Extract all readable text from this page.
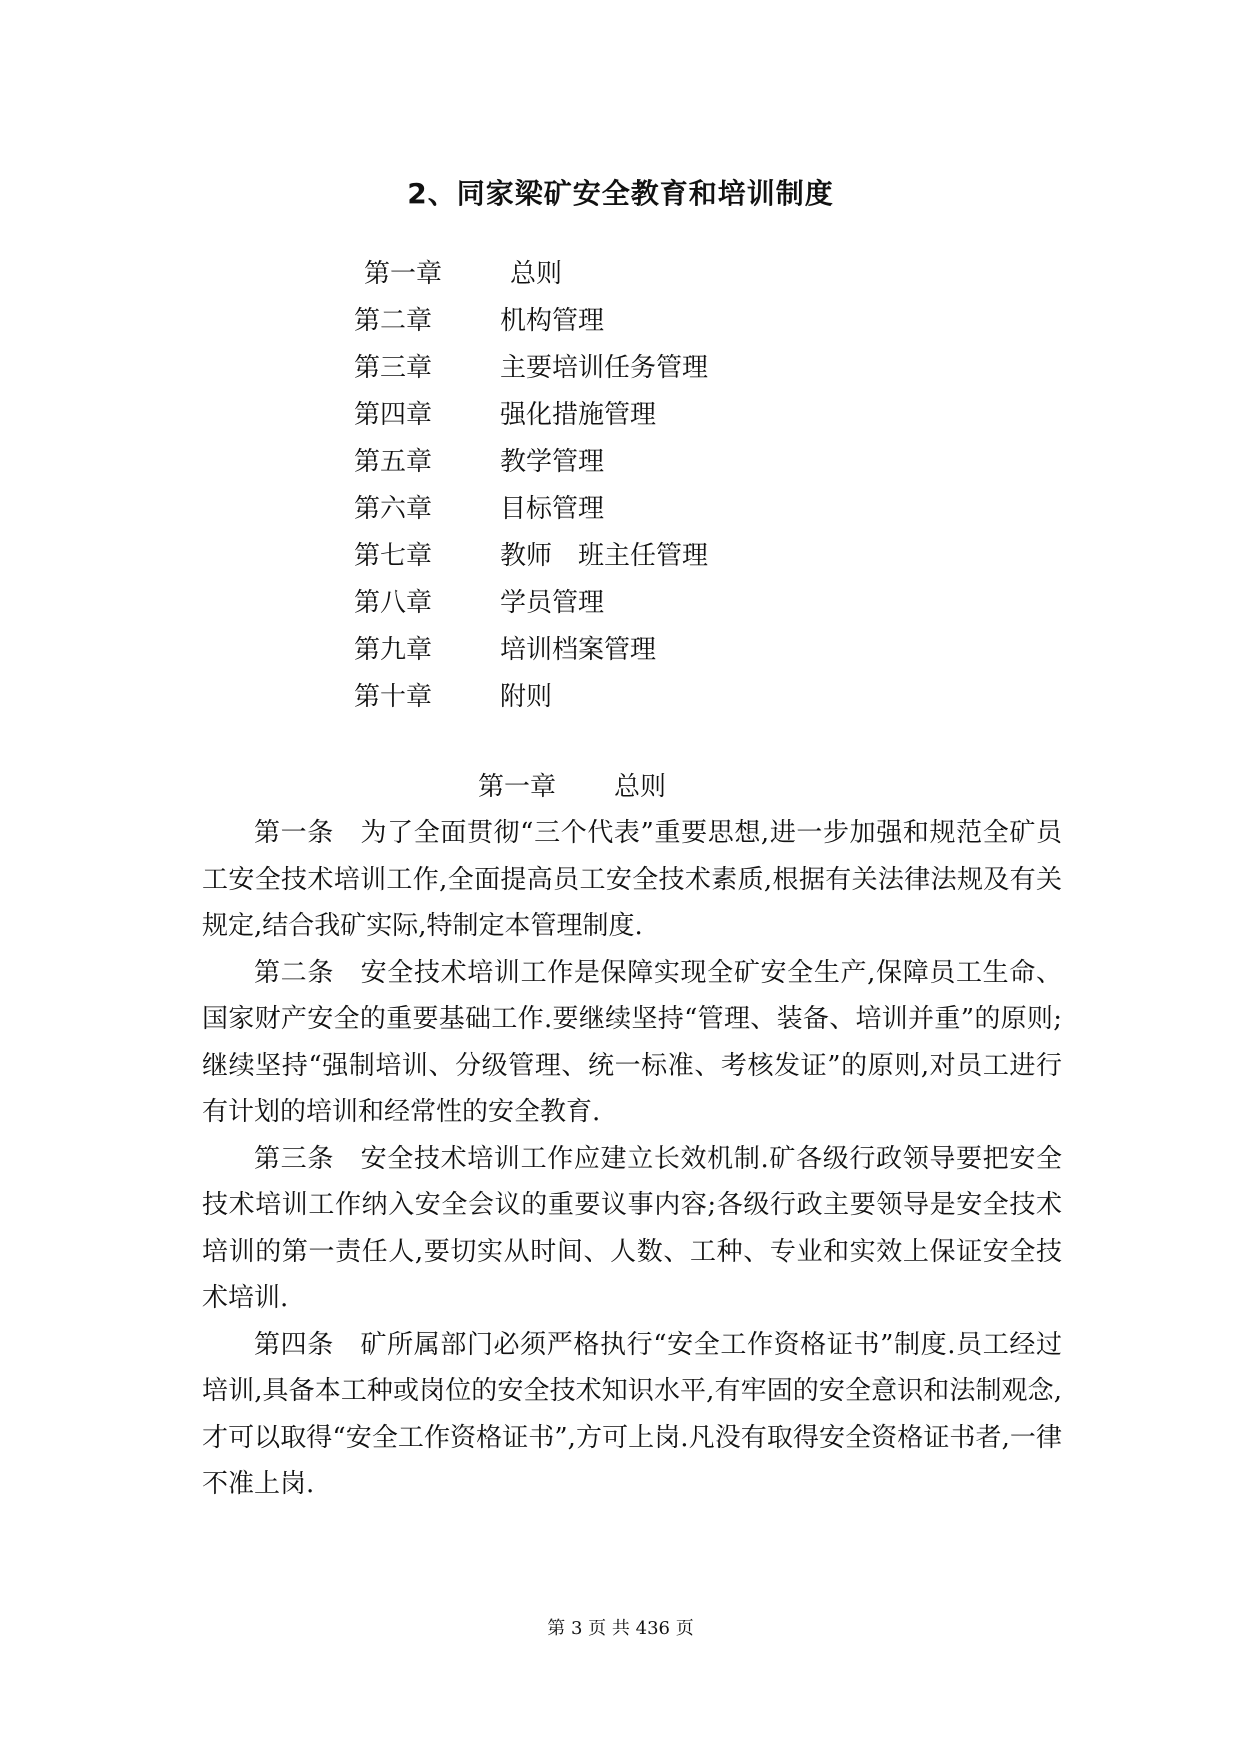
2、同家梁矿安全教育和培训制度
第一章	总则
第二章	机构管理
第三章	主要培训任务管理
第四章	强化措施管理
第五章	教学管理
第六章	目标管理
第七章	教师　班主任管理
第八章	学员管理
第九章	培训档案管理
第十章	附则
第一章 总则

第一条　为了全面贯彻“三个代表”重要思想,进一步加强和规范全矿员工安全技术培训工作,全面提高员工安全技术素质,根据有关法律法规及有关规定,结合我矿实际,特制定本管理制度.

第二条　安全技术培训工作是保障实现全矿安全生产,保障员工生命、国家财产安全的重要基础工作.要继续坚持“管理、装备、培训并重”的原则;继续坚持“强制培训、分级管理、统一标准、考核发证”的原则,对员工进行有计划的培训和经常性的安全教育.

第三条　安全技术培训工作应建立长效机制.矿各级行政领导要把安全技术培训工作纳入安全会议的重要议事内容;各级行政主要领导是安全技术培训的第一责任人,要切实从时间、人数、工种、专业和实效上保证安全技术培训.

第四条　矿所属部门必须严格执行“安全工作资格证书”制度.员工经过培训,具备本工种或岗位的安全技术知识水平,有牢固的安全意识和法制观念,才可以取得“安全工作资格证书”,方可上岗.凡没有取得安全资格证书者,一律不准上岗.

第 3 页 共 436 页
